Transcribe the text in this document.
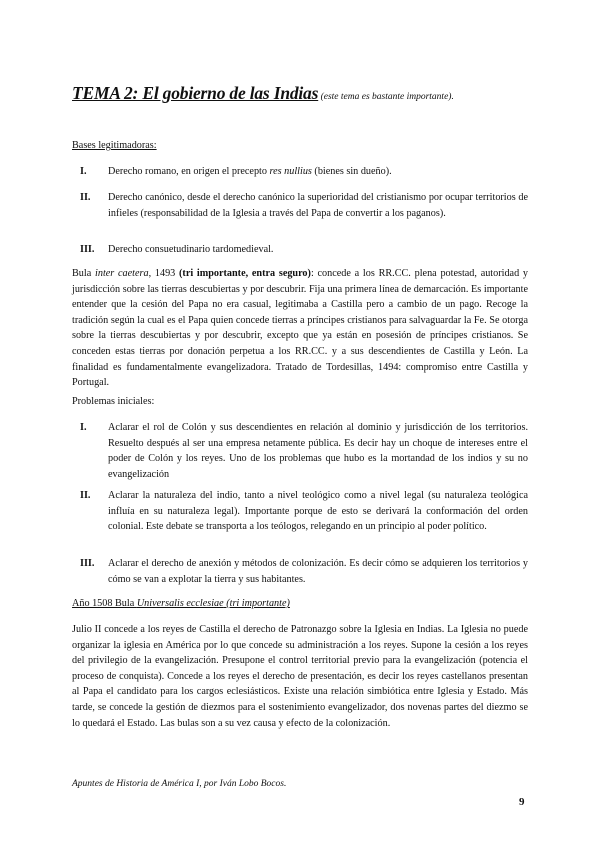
TEMA 2: El gobierno de las Indias (este tema es bastante importante).
Bases legitimadoras:
I. Derecho romano, en origen el precepto res nullius (bienes sin dueño).
II. Derecho canónico, desde el derecho canónico la superioridad del cristianismo por ocupar territorios de infieles (responsabilidad de la Iglesia a través del Papa de convertir a los paganos).
III. Derecho consuetudinario tardomedieval.
Bula inter caetera, 1493 (tri importante, entra seguro): concede a los RR.CC. plena potestad, autoridad y jurisdicción sobre las tierras descubiertas y por descubrir. Fija una primera línea de demarcación. Es importante entender que la cesión del Papa no era casual, legitimaba a Castilla pero a cambio de un pago. Recoge la tradición según la cual es el Papa quien concede tierras a príncipes cristianos para salvaguardar la Fe. Se otorga sobre la tierras descubiertas y por descubrir, excepto que ya están en posesión de príncipes cristianos. Se conceden estas tierras por donación perpetua a los RR.CC. y a sus descendientes de Castilla y León. La finalidad es fundamentalmente evangelizadora. Tratado de Tordesillas, 1494: compromiso entre Castilla y Portugal.
Problemas iniciales:
I. Aclarar el rol de Colón y sus descendientes en relación al dominio y jurisdicción de los territorios. Resuelto después al ser una empresa netamente pública. Es decir hay un choque de intereses entre el poder de Colón y los reyes. Uno de los problemas que hubo es la mortandad de los indios y su no evangelización
II. Aclarar la naturaleza del indio, tanto a nivel teológico como a nivel legal (su naturaleza teológica influía en su naturaleza legal). Importante porque de esto se derivará la conformación del orden colonial. Este debate se transporta a los teólogos, relegando en un principio al poder político.
III. Aclarar el derecho de anexión y métodos de colonización. Es decir cómo se adquieren los territorios y cómo se van a explotar la tierra y sus habitantes.
Año 1508 Bula Universalis ecclesiae (tri importante)
Julio II concede a los reyes de Castilla el derecho de Patronazgo sobre la Iglesia en Indias. La Iglesia no puede organizar la iglesia en América por lo que concede su administración a los reyes. Supone la cesión a los reyes del privilegio de la evangelización. Presupone el control territorial previo para la evangelización (potencia el proceso de conquista). Concede a los reyes el derecho de presentación, es decir los reyes castellanos presentan al Papa el candidato para los cargos eclesiásticos. Existe una relación simbiótica entre Iglesia y Estado. Más tarde, se concede la gestión de diezmos para el sostenimiento evangelizador, dos novenas partes del diezmo se lo quedará el Estado. Las bulas son a su vez causa y efecto de la colonización.
Apuntes de Historia de América I, por Iván Lobo Bocos.
9
